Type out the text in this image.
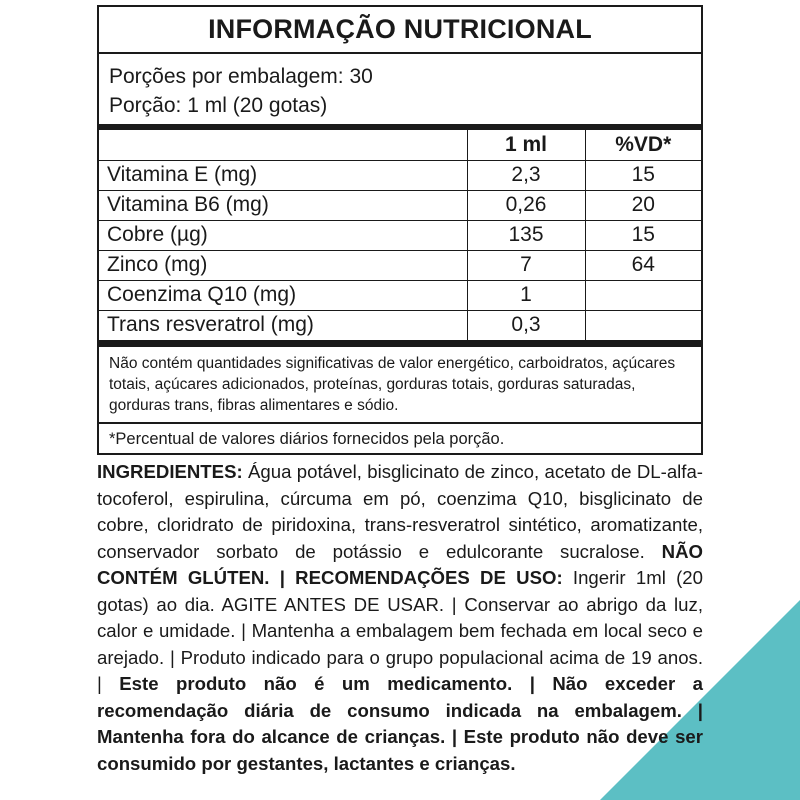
INFORMAÇÃO NUTRICIONAL
Porções por embalagem: 30
Porção: 1 ml (20 gotas)
	1 ml	%VD*
Vitamina E (mg)	2,3	15
Vitamina B6 (mg)	0,26	20
Cobre (µg)	135	15
Zinco (mg)	7	64
Coenzima Q10 (mg)	1	
Trans resveratrol (mg)	0,3	
Não contém quantidades significativas de valor energético, carboidratos, açúcares totais, açúcares adicionados, proteínas, gorduras totais, gorduras saturadas, gorduras trans, fibras alimentares e sódio.
*Percentual de valores diários fornecidos pela porção.
INGREDIENTES: Água potável, bisglicinato de zinco, acetato de DL-alfa-tocoferol, espirulina, cúrcuma em pó, coenzima Q10, bisglicinato de cobre, cloridrato de piridoxina, trans-resveratrol sintético, aromatizante, conservador sorbato de potássio e edulcorante sucralose. NÃO CONTÉM GLÚTEN. | RECOMENDAÇÕES DE USO: Ingerir 1ml (20 gotas) ao dia. AGITE ANTES DE USAR. | Conservar ao abrigo da luz, calor e umidade. | Mantenha a embalagem bem fechada em local seco e arejado. | Produto indicado para o grupo populacional acima de 19 anos. | Este produto não é um medicamento. | Não exceder a recomendação diária de consumo indicada na embalagem. | Mantenha fora do alcance de crianças. | Este produto não deve ser consumido por gestantes, lactantes e crianças.
